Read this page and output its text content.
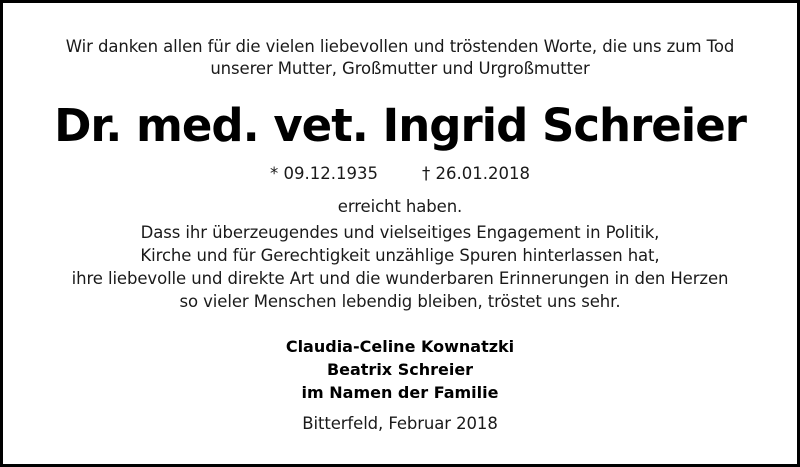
Wir danken allen für die vielen liebevollen und tröstenden Worte, die uns zum Tod
unserer Mutter, Großmutter und Urgroßmutter
Dr. med. vet. Ingrid Schreier
* 09.12.1935	† 26.01.2018
erreicht haben.
Dass ihr überzeugendes und vielseitiges Engagement in Politik,
Kirche und für Gerechtigkeit unzählige Spuren hinterlassen hat,
ihre liebevolle und direkte Art und die wunderbaren Erinnerungen in den Herzen
so vieler Menschen lebendig bleiben, tröstet uns sehr.
Claudia-Celine Kownatzki
Beatrix Schreier
im Namen der Familie
Bitterfeld, Februar 2018
